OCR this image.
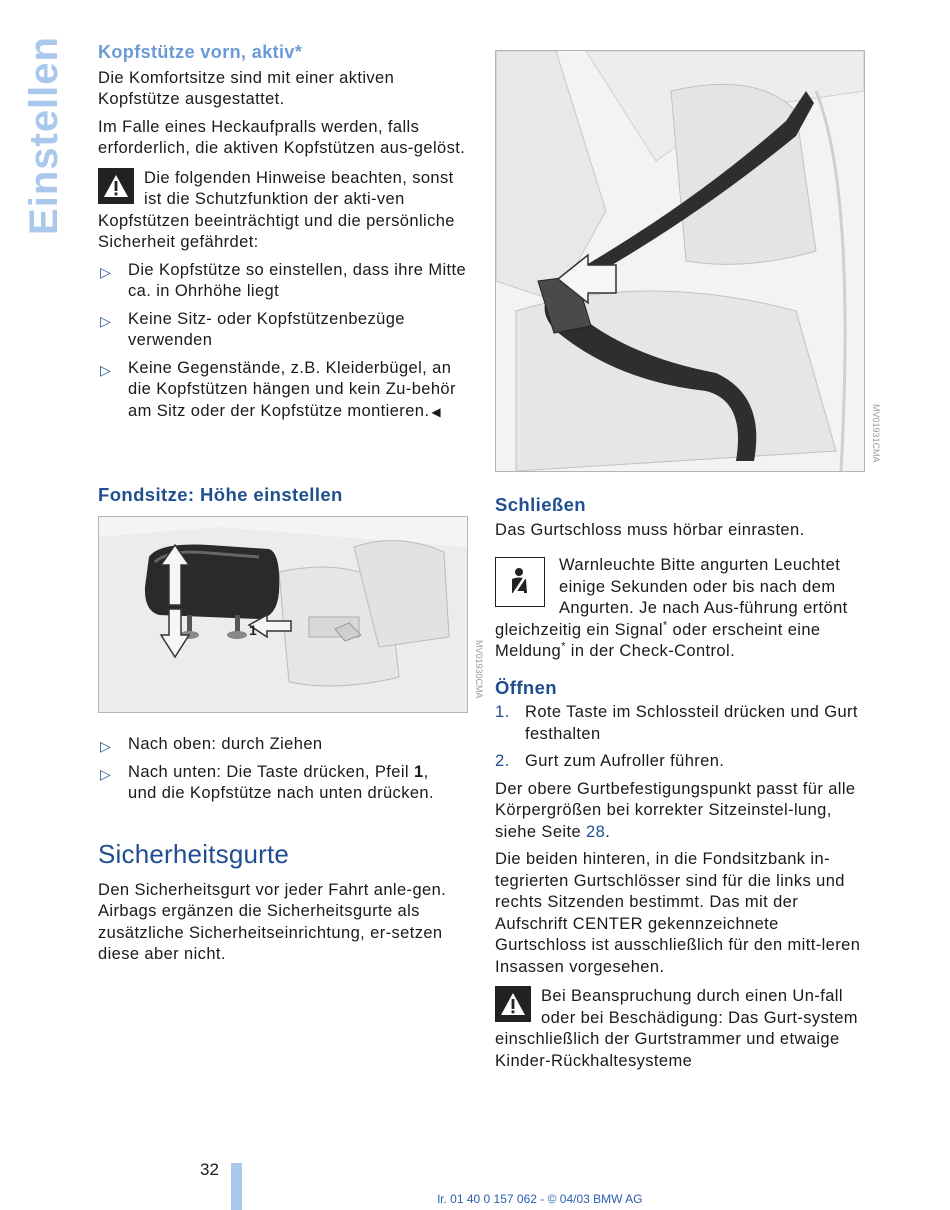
Einstellen Kopfstütze vorn, aktiv*

Die Komfortsitze sind mit einer aktiven Kopfstütze ausgestattet.

Im Falle eines Heckaufpralls werden, falls erforderlich, die aktiven Kopfstützen aus-gelöst.

Die folgenden Hinweise beachten, sonst ist die Schutzfunktion der akti-ven Kopfstützen beeinträchtigt und die persönliche Sicherheit gefährdet:

▷ Die Kopfstütze so einstellen, dass ihre Mitte ca. in Ohrhöhe liegt
▷ Keine Sitz- oder Kopfstützenbezüge verwenden
▷ Keine Gegenstände, z.B. Kleiderbügel, an die Kopfstützen hängen und kein Zu-behör am Sitz oder der Kopfstütze montieren. ◀
Fondsitze: Höhe einstellen
1
MV01930CMA
▷ Nach oben: durch Ziehen
▷ Nach unten: Die Taste drücken, Pfeil 1,
und die Kopfstütze nach unten drücken.
Sicherheitsgurte

Den Sicherheitsgurt vor jeder Fahrt anle-gen. Airbags ergänzen die Sicherheitsgurte als zusätzliche Sicherheitseinrichtung, er-setzen diese aber nicht.

MV01931CMA
Schließen

Das Gurtschloss muss hörbar einrasten.

Warnleuchte Bitte angurten Leuchtet einige Sekunden oder bis nach dem Angurten. Je nach Aus-führung ertönt gleichzeitig ein Signal* oder erscheint eine Meldung* in der Check-Control.

Öffnen
1. Rote Taste im Schlossteil drücken und Gurt festhalten
2. Gurt zum Aufroller führen.

Der obere Gurtbefestigungspunkt passt für alle Körpergrößen bei korrekter Sitzeinstel-lung, siehe Seite 28.

Die beiden hinteren, in die Fondsitzbank in-tegrierten Gurtschlösser sind für die links und rechts Sitzenden bestimmt. Das mit der Aufschrift CENTER gekennzeichnete Gurtschloss ist ausschließlich für den mitt-leren Insassen vorgesehen.

Bei Beanspruchung durch einen Un-fall oder bei Beschädigung: Das Gurt-system einschließlich der Gurtstrammer und etwaige Kinder-Rückhaltesysteme

32
lr. 01 40 0 157 062 - © 04/03 BMW AG
